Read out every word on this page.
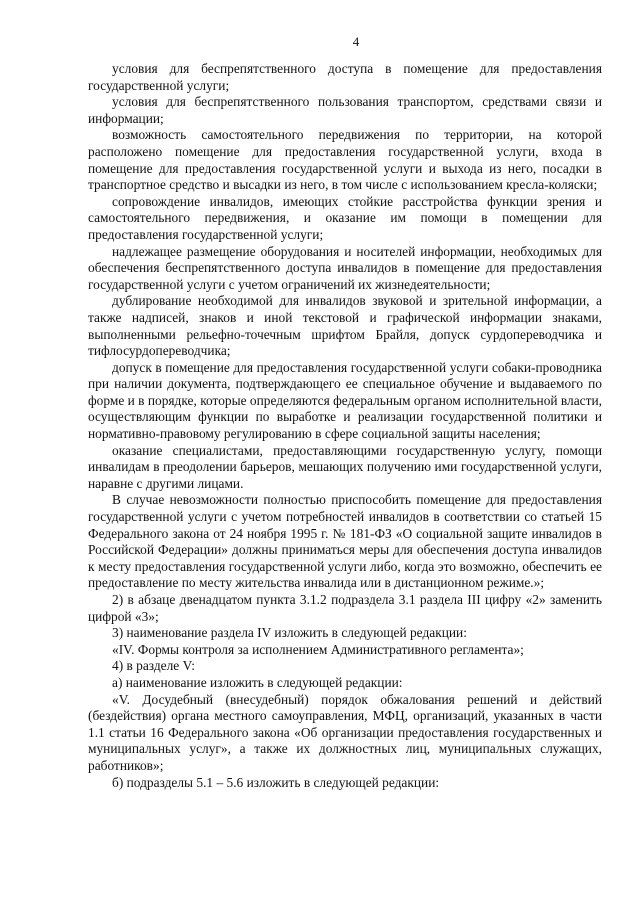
4

условия для беспрепятственного доступа в помещение для предоставления государственной услуги;

условия для беспрепятственного пользования транспортом, средствами связи и информации;

возможность самостоятельного передвижения по территории, на которой расположено помещение для предоставления государственной услуги, входа в помещение для предоставления государственной услуги и выхода из него, посадки в транспортное средство и высадки из него, в том числе с использованием кресла-коляски;

сопровождение инвалидов, имеющих стойкие расстройства функции зрения и самостоятельного передвижения, и оказание им помощи в помещении для предоставления государственной услуги;

надлежащее размещение оборудования и носителей информации, необходимых для обеспечения беспрепятственного доступа инвалидов в помещение для предоставления государственной услуги с учетом ограничений их жизнедеятельности;

дублирование необходимой для инвалидов звуковой и зрительной информации, а также надписей, знаков и иной текстовой и графической информации знаками, выполненными рельефно-точечным шрифтом Брайля, допуск сурдопереводчика и тифлосурдопереводчика;

допуск в помещение для предоставления государственной услуги собаки-проводника при наличии документа, подтверждающего ее специальное обучение и выдаваемого по форме и в порядке, которые определяются федеральным органом исполнительной власти, осуществляющим функции по выработке и реализации государственной политики и нормативно-правовому регулированию в сфере социальной защиты населения;

оказание специалистами, предоставляющими государственную услугу, помощи инвалидам в преодолении барьеров, мешающих получению ими государственной услуги, наравне с другими лицами.

В случае невозможности полностью приспособить помещение для предоставления государственной услуги с учетом потребностей инвалидов в соответствии со статьей 15 Федерального закона от 24 ноября 1995 г. № 181-ФЗ «О социальной защите инвалидов в Российской Федерации» должны приниматься меры для обеспечения доступа инвалидов к месту предоставления государственной услуги либо, когда это возможно, обеспечить ее предоставление по месту жительства инвалида или в дистанционном режиме.»;

2) в абзаце двенадцатом пункта 3.1.2 подраздела 3.1 раздела III цифру «2» заменить цифрой «3»;

3) наименование раздела IV изложить в следующей редакции:

«IV. Формы контроля за исполнением Административного регламента»;

4) в разделе V:

а) наименование изложить в следующей редакции:

«V. Досудебный (внесудебный) порядок обжалования решений и действий (бездействия) органа местного самоуправления, МФЦ, организаций, указанных в части 1.1 статьи 16 Федерального закона «Об организации предоставления государственных и муниципальных услуг», а также их должностных лиц, муниципальных служащих, работников»;

б) подразделы 5.1 – 5.6 изложить в следующей редакции:
